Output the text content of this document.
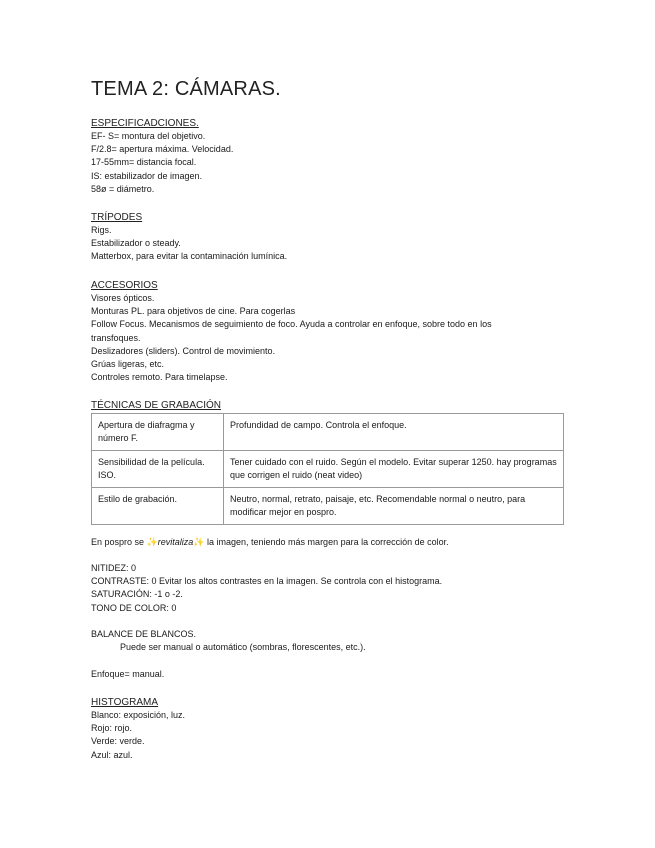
TEMA 2: CÁMARAS.
ESPECIFICADCIONES.
EF- S= montura del objetivo.
F/2.8= apertura máxima. Velocidad.
17-55mm= distancia focal.
IS: estabilizador de imagen.
58ø = diámetro.
TRÍPODES
Rigs.
Estabilizador o steady.
Matterbox, para evitar la contaminación lumínica.
ACCESORIOS
Visores ópticos.
Monturas PL. para objetivos de cine. Para cogerlas
Follow Focus. Mecanismos de seguimiento de foco. Ayuda a controlar en enfoque, sobre todo en los transfoques.
Deslizadores (sliders). Control de movimiento.
Grúas ligeras, etc.
Controles remoto. Para timelapse.
TÉCNICAS DE GRABACIÓN
Apertura de diafragma y número F.	Profundidad de campo. Controla el enfoque.
Sensibilidad de la película. ISO.	Tener cuidado con el ruido. Según el modelo. Evitar superar 1250. hay programas que corrigen el ruido (neat video)
Estilo de grabación.	Neutro, normal, retrato, paisaje, etc. Recomendable normal o neutro, para modificar mejor en pospro.
En pospro se ✨revitaliza✨ la imagen, teniendo más margen para la corrección de color.
NITIDEZ: 0
CONTRASTE: 0 Evitar los altos contrastes en la imagen. Se controla con el histograma.
SATURACIÓN: -1 o -2.
TONO DE COLOR: 0
BALANCE DE BLANCOS.
Puede ser manual o automático (sombras, florescentes, etc.).
Enfoque= manual.
HISTOGRAMA
Blanco: exposición, luz.
Rojo: rojo.
Verde: verde.
Azul: azul.
